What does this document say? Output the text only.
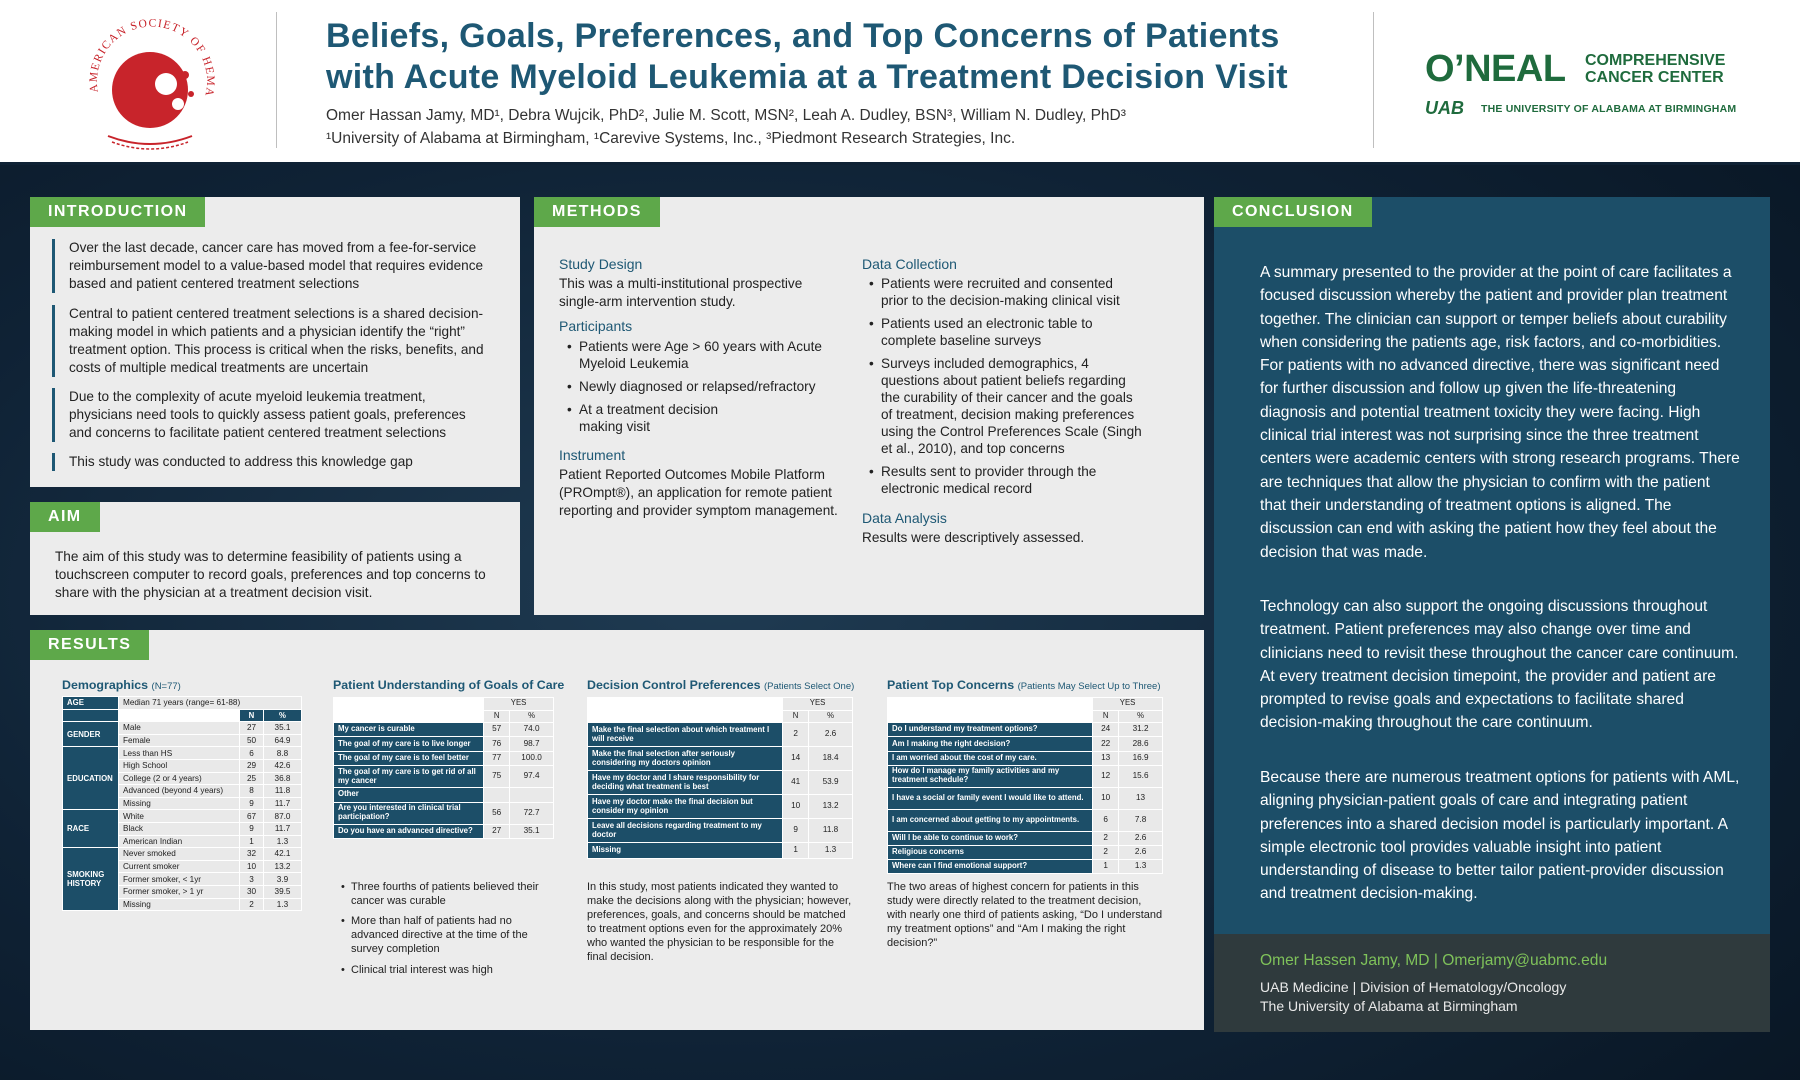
AMERICAN SOCIETY OF HEMA
Beliefs, Goals, Preferences, and Top Concerns of Patients
with Acute Myeloid Leukemia at a Treatment Decision Visit
Omer Hassan Jamy, MD¹, Debra Wujcik, PhD², Julie M. Scott, MSN², Leah A. Dudley, BSN³, William N. Dudley, PhD³
¹University of Alabama at Birmingham, ¹Carevive Systems, Inc., ³Piedmont Research Strategies, Inc.
O’NEAL COMPREHENSIVE
CANCER CENTER
UAB THE UNIVERSITY OF ALABAMA AT BIRMINGHAM
INTRODUCTION
Over the last decade, cancer care has moved from a fee-for-service reimbursement model to a value-based model that requires evidence based and patient centered treatment selections
Central to patient centered treatment selections is a shared decision-making model in which patients and a physician identify the “right” treatment option. This process is critical when the risks, benefits, and costs of multiple medical treatments are uncertain
Due to the complexity of acute myeloid leukemia treatment, physicians need tools to quickly assess patient goals, preferences and concerns to facilitate patient centered treatment selections
This study was conducted to address this knowledge gap
AIM
The aim of this study was to determine feasibility of patients using a touchscreen computer to record goals, preferences and top concerns to share with the physician at a treatment decision visit.
METHODS
Study Design
This was a multi-institutional prospective single-arm intervention study.
Participants
• Patients were Age > 60 years with Acute Myeloid Leukemia
• Newly diagnosed or relapsed/refractory
• At a treatment decision making visit
Instrument
Patient Reported Outcomes Mobile Platform (PROmpt®), an application for remote patient reporting and provider symptom management.
Data Collection
• Patients were recruited and consented prior to the decision-making clinical visit
• Patients used an electronic table to complete baseline surveys
• Surveys included demographics, 4 questions about patient beliefs regarding the curability of their cancer and the goals of treatment, decision making preferences using the Control Preferences Scale (Singh et al., 2010), and top concerns
• Results sent to provider through the electronic medical record
Data Analysis
Results were descriptively assessed.
CONCLUSION
A summary presented to the provider at the point of care facilitates a focused discussion whereby the patient and provider plan treatment together. The clinician can support or temper beliefs about curability when considering the patients age, risk factors, and co-morbidities. For patients with no advanced directive, there was significant need for further discussion and follow up given the life-threatening diagnosis and potential treatment toxicity they were facing. High clinical trial interest was not surprising since the three treatment centers were academic centers with strong research programs. There are techniques that allow the physician to confirm with the patient that their understanding of treatment options is aligned. The discussion can end with asking the patient how they feel about the decision that was made.
Technology can also support the ongoing discussions throughout treatment. Patient preferences may also change over time and clinicians need to revisit these throughout the cancer care continuum. At every treatment decision timepoint, the provider and patient are prompted to revise goals and expectations to facilitate shared decision-making throughout the care continuum.
Because there are numerous treatment options for patients with AML, aligning physician-patient goals of care and integrating patient preferences into a shared decision model is particularly important. A simple electronic tool provides valuable insight into patient understanding of disease to better tailor patient-provider discussion and treatment decision-making.
Omer Hassen Jamy, MD | Omerjamy@uabmc.edu
UAB Medicine | Division of Hematology/Oncology
The University of Alabama at Birmingham
RESULTS
Demographics (N=77)
AGE	Median 71 years (range= 61-88)		
		N	%
GENDER	Male	27	35.1
	Female	50	64.9
EDUCATION	Less than HS	6	8.8
	High School	29	42.6
	College (2 or 4 years)	25	36.8
	Advanced (beyond 4 years)	8	11.8
	Missing	9	11.7
RACE	White	67	87.0
	Black	9	11.7
	American Indian	1	1.3
SMOKING HISTORY	Never smoked	32	42.1
	Current smoker	10	13.2
	Former smoker, < 1yr	3	3.9
	Former smoker, > 1 yr	30	39.5
	Missing	2	1.3
Patient Understanding of Goals of Care
	YES	
	N	%
My cancer is curable	57	74.0
The goal of my care is to live longer	76	98.7
The goal of my care is to feel better	77	100.0
The goal of my care is to get rid of all my cancer	75	97.4
Other		
Are you interested in clinical trial participation?	56	72.7
Do you have an advanced directive?	27	35.1
• Three fourths of patients believed their cancer was curable
• More than half of patients had no advanced directive at the time of the survey completion
• Clinical trial interest was high
Decision Control Preferences (Patients Select One)
	YES	
	N	%
Make the final selection about which treatment I will receive	2	2.6
Make the final selection after seriously considering my doctors opinion	14	18.4
Have my doctor and I share responsibility for deciding what treatment is best	41	53.9
Have my doctor make the final decision but consider my opinion	10	13.2
Leave all decisions regarding treatment to my doctor	9	11.8
Missing	1	1.3
In this study, most patients indicated they wanted to make the decisions along with the physician; however, preferences, goals, and concerns should be matched to treatment options even for the approximately 20% who wanted the physician to be responsible for the final decision.
Patient Top Concerns (Patients May Select Up to Three)
	YES	
	N	%
Do I understand my treatment options?	24	31.2
Am I making the right decision?	22	28.6
I am worried about the cost of my care.	13	16.9
How do I manage my family activities and my treatment schedule?	12	15.6
I have a social or family event I would like to attend.	10	13
I am concerned about getting to my appointments.	6	7.8
Will I be able to continue to work?	2	2.6
Religious concerns	2	2.6
Where can I find emotional support?	1	1.3
The two areas of highest concern for patients in this study were directly related to the treatment decision, with nearly one third of patients asking, “Do I understand my treatment options” and “Am I making the right decision?”
